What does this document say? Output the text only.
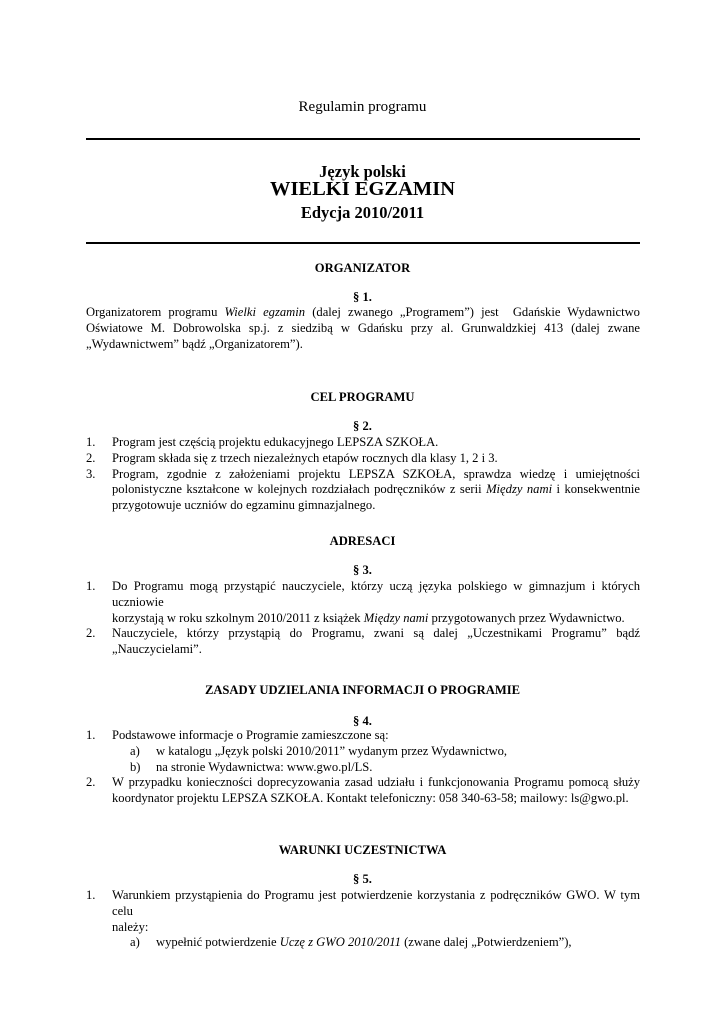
Regulamin programu
Język polski
WIELKI EGZAMIN
Edycja 2010/2011
ORGANIZATOR
§ 1.
Organizatorem programu Wielki egzamin (dalej zwanego „Programem”) jest  Gdańskie Wydawnictwo
Oświatowe M. Dobrowolska sp.j. z siedzibą w Gdańsku przy al. Grunwaldzkiej 413 (dalej zwane
„Wydawnictwem” bądź „Organizatorem”).
CEL PROGRAMU
§ 2.
1. Program jest częścią projektu edukacyjnego LEPSZA SZKOŁA.
2. Program składa się z trzech niezależnych etapów rocznych dla klasy 1, 2 i 3.
3. Program, zgodnie z założeniami projektu LEPSZA SZKOŁA, sprawdza wiedzę i umiejętności
polonistyczne kształcone w kolejnych rozdziałach podręczników z serii Między nami i konsekwentnie
przygotowuje uczniów do egzaminu gimnazjalnego.
ADRESACI
§ 3.
1. Do Programu mogą przystąpić nauczyciele, którzy uczą języka polskiego w gimnazjum i których uczniowie
korzystają w roku szkolnym 2010/2011 z książek Między nami przygotowanych przez Wydawnictwo.
2. Nauczyciele, którzy przystąpią do Programu, zwani są dalej „Uczestnikami Programu” bądź
„Nauczycielami”.
ZASADY UDZIELANIA INFORMACJI O PROGRAMIE
§ 4.
1. Podstawowe informacje o Programie zamieszczone są:
a) w katalogu „Język polski 2010/2011” wydanym przez Wydawnictwo,
b) na stronie Wydawnictwa: www.gwo.pl/LS.
2. W przypadku konieczności doprecyzowania zasad udziału i funkcjonowania Programu pomocą służy
koordynator projektu LEPSZA SZKOŁA. Kontakt telefoniczny: 058 340-63-58; mailowy: ls@gwo.pl.
WARUNKI UCZESTNICTWA
§ 5.
1. Warunkiem przystąpienia do Programu jest potwierdzenie korzystania z podręczników GWO. W tym celu
należy:
a) wypełnić potwierdzenie Uczę z GWO 2010/2011 (zwane dalej „Potwierdzeniem”),
